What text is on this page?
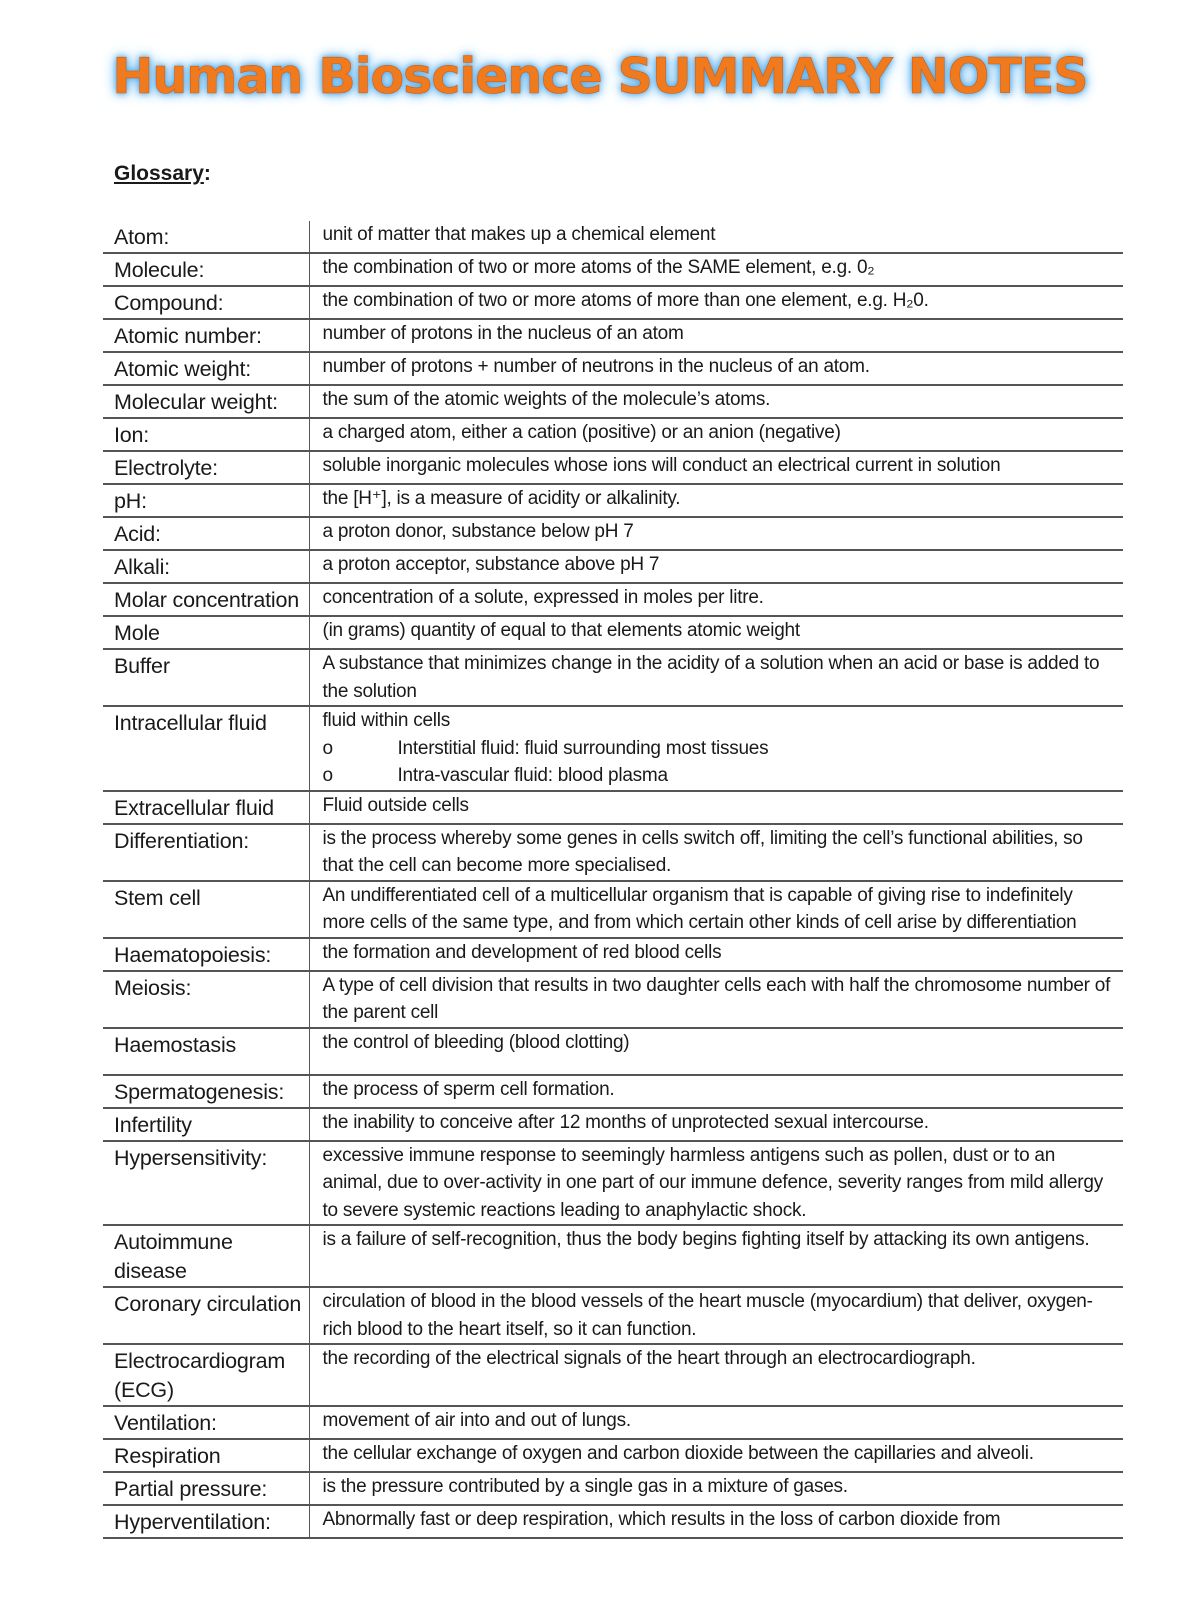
Human Bioscience SUMMARY NOTES
Glossary:
Atom:	unit of matter that makes up a chemical element
Molecule:	the combination of two or more atoms of the SAME element, e.g. 0₂
Compound:	the combination of two or more atoms of more than one element, e.g. H₂0.
Atomic number:	number of protons in the nucleus of an atom
Atomic weight:	number of protons + number of neutrons in the nucleus of an atom.
Molecular weight:	the sum of the atomic weights of the molecule’s atoms.
Ion:	a charged atom, either a cation (positive) or an anion (negative)
Electrolyte:	soluble inorganic molecules whose ions will conduct an electrical current in solution
pH:	the [H⁺], is a measure of acidity or alkalinity.
Acid:	a proton donor, substance below pH 7
Alkali:	a proton acceptor, substance above pH 7
Molar concentration	concentration of a solute, expressed in moles per litre.
Mole	(in grams) quantity of equal to that elements atomic weight
Buffer	A substance that minimizes change in the acidity of a solution when an acid or base is added to the solution
Intracellular fluid	fluid within cells
o Interstitial fluid: fluid surrounding most tissues
o Intra-vascular fluid: blood plasma

Extracellular fluid	Fluid outside cells
Differentiation:	is the process whereby some genes in cells switch off, limiting the cell’s functional abilities, so that the cell can become more specialised.
Stem cell	An undifferentiated cell of a multicellular organism that is capable of giving rise to indefinitely more cells of the same type, and from which certain other kinds of cell arise by differentiation
Haematopoiesis:	the formation and development of red blood cells
Meiosis:	A type of cell division that results in two daughter cells each with half the chromosome number of the parent cell
Haemostasis	the control of bleeding (blood clotting)
Spermatogenesis:	the process of sperm cell formation.
Infertility	the inability to conceive after 12 months of unprotected sexual intercourse.
Hypersensitivity:	excessive immune response to seemingly harmless antigens such as pollen, dust or to an animal, due to over-activity in one part of our immune defence, severity ranges from mild allergy to severe systemic reactions leading to anaphylactic shock.
Autoimmune disease	is a failure of self-recognition, thus the body begins fighting itself by attacking its own antigens.
Coronary circulation	circulation of blood in the blood vessels of the heart muscle (myocardium) that deliver, oxygen-rich blood to the heart itself, so it can function.
Electrocardiogram (ECG)	the recording of the electrical signals of the heart through an electrocardiograph.
Ventilation:	movement of air into and out of lungs.
Respiration	the cellular exchange of oxygen and carbon dioxide between the capillaries and alveoli.
Partial pressure:	is the pressure contributed by a single gas in a mixture of gases.
Hyperventilation:	Abnormally fast or deep respiration, which results in the loss of carbon dioxide from
